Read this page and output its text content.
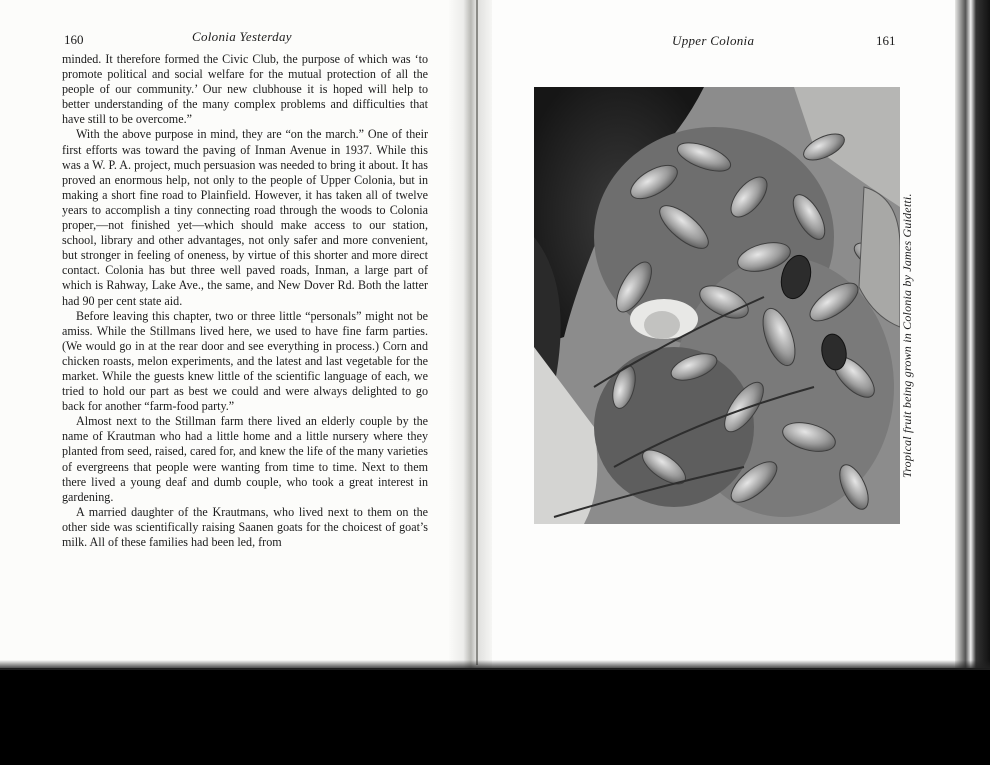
160	Colonia Yesterday

minded. It therefore formed the Civic Club, the purpose of which was ‘to promote political and social welfare for the mutual protection of all the people of our community.’ Our new clubhouse it is hoped will help to better understanding of the many complex problems and difficulties that have still to be overcome.”

With the above purpose in mind, they are “on the march.” One of their first efforts was toward the paving of Inman Avenue in 1937. While this was a W. P. A. project, much persuasion was needed to bring it about. It has proved an enormous help, not only to the people of Upper Colonia, but in making a short fine road to Plainfield. However, it has taken all of twelve years to accomplish a tiny connecting road through the woods to Colonia proper,—not finished yet—which should make access to our station, school, library and other advantages, not only safer and more convenient, but stronger in feeling of oneness, by virtue of this shorter and more direct contact. Colonia has but three well paved roads, Inman, a large part of which is Rahway, Lake Ave., the same, and New Dover Rd. Both the latter had 90 per cent state aid.

Before leaving this chapter, two or three little “personals” might not be amiss. While the Stillmans lived here, we used to have fine farm parties. (We would go in at the rear door and see everything in process.) Corn and chicken roasts, melon experiments, and the latest and last vegetable for the market. While the guests knew little of the scientific language of each, we tried to hold our part as best we could and were always delighted to go back for another “farm-food party.”

Almost next to the Stillman farm there lived an elderly couple by the name of Krautman who had a little home and a little nursery where they planted from seed, raised, cared for, and knew the life of the many varieties of evergreens that people were wanting from time to time. Next to them there lived a young deaf and dumb couple, who took a great interest in gardening.

A married daughter of the Krautmans, who lived next to them on the other side was scientifically raising Saanen goats for the choicest of goat’s milk. All of these families had been led, from

Upper Colonia	161
Tropical fruit being grown in Colonia by James Guidetti.
